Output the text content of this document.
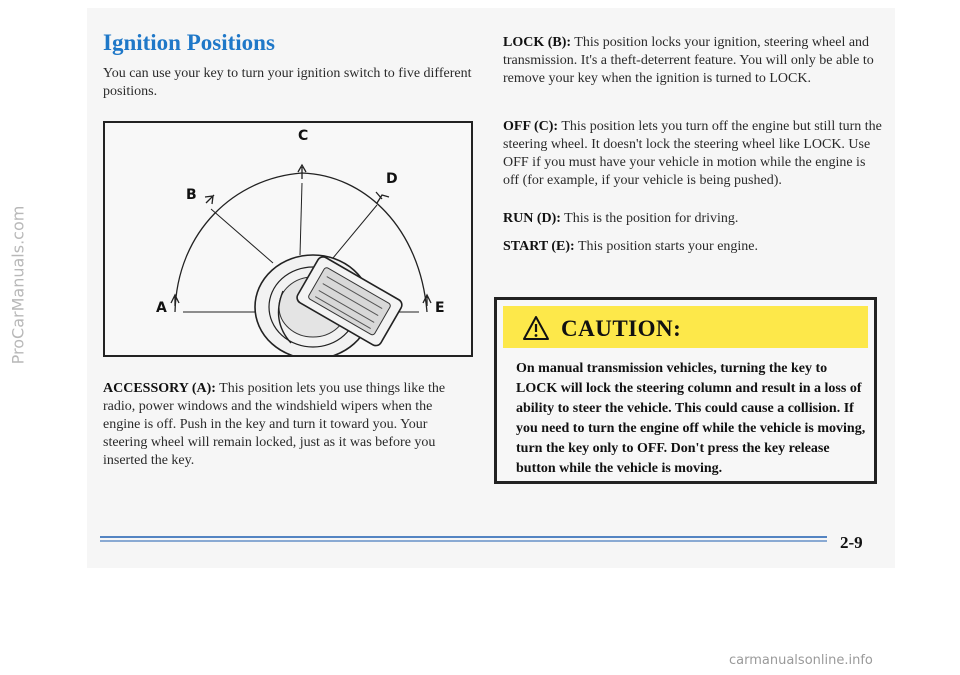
Ignition Positions

You can use your key to turn your ignition switch to five different positions.

A
B
C
D
E

ACCESSORY (A): This position lets you use things like the radio, power windows and the windshield wipers when the engine is off. Push in the key and turn it toward you. Your steering wheel will remain locked, just as it was before you inserted the key.

LOCK (B): This position locks your ignition, steering wheel and transmission. It's a theft-deterrent feature. You will only be able to remove your key when the ignition is turned to LOCK.

OFF (C): This position lets you turn off the engine but still turn the steering wheel. It doesn't lock the steering wheel like LOCK. Use OFF if you must have your vehicle in motion while the engine is off (for example, if your vehicle is being pushed).

RUN (D): This is the position for driving.

START (E): This position starts your engine.

CAUTION:

On manual transmission vehicles, turning the key to LOCK will lock the steering column and result in a loss of ability to steer the vehicle. This could cause a collision. If you need to turn the engine off while the vehicle is moving, turn the key only to OFF. Don't press the key release button while the vehicle is moving.

ProCarManuals.com
2-9
carmanualsonline.info
